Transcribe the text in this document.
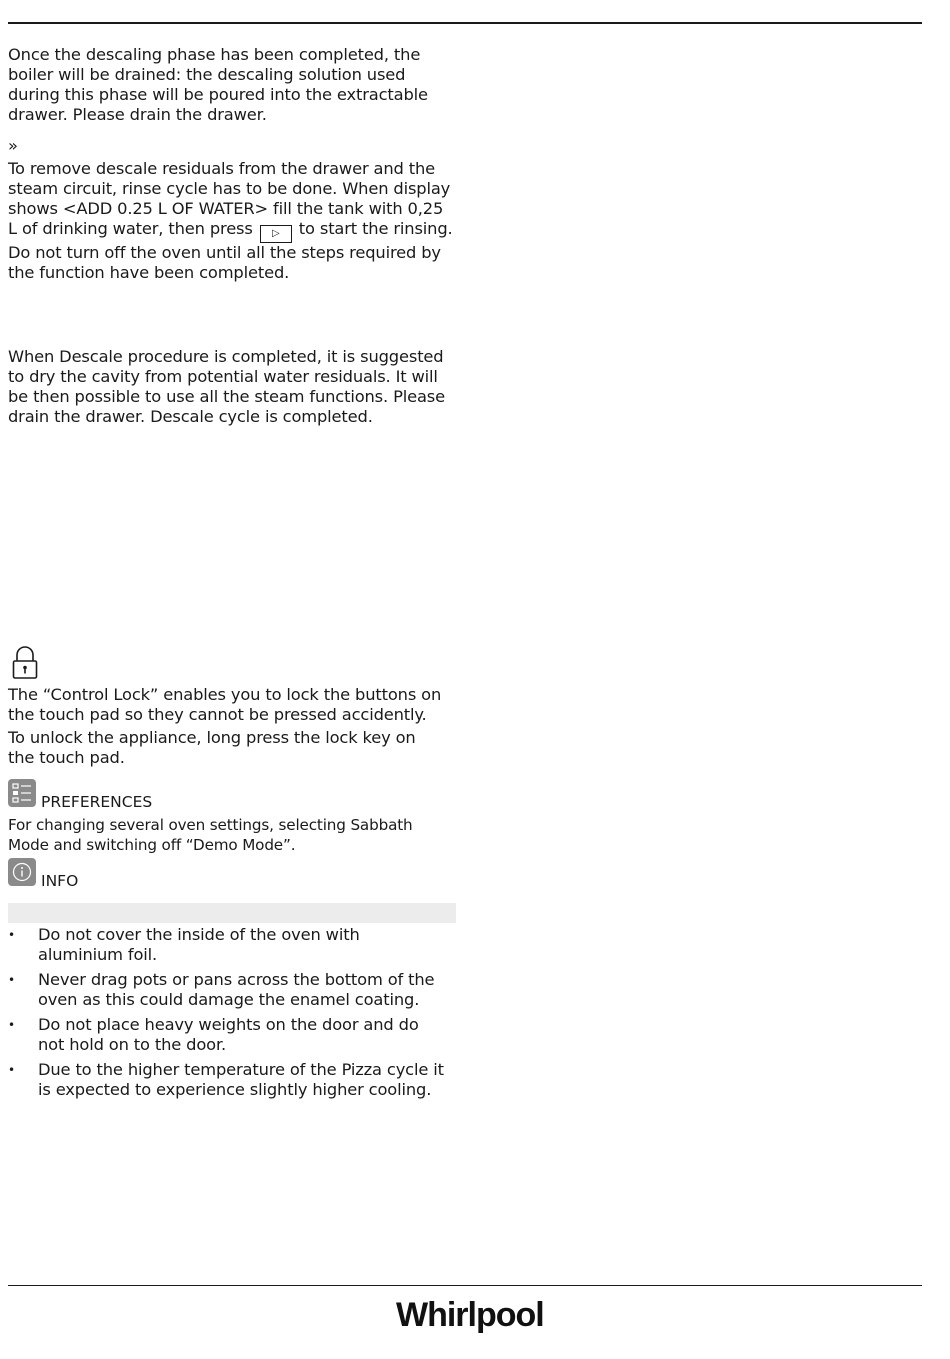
Once the descaling phase has been completed, the
boiler will be drained: the descaling solution used
during this phase will be poured into the extractable
drawer. Please drain the drawer.

»

To remove descale residuals from the drawer and the
steam circuit, rinse cycle has to be done. When display
shows <ADD 0.25 L OF WATER> fill the tank with 0,25
L of drinking water, then press ▷ to start the rinsing.
Do not turn off the oven until all the steps required by
the function have been completed.

When Descale procedure is completed, it is suggested
to dry the cavity from potential water residuals. It will
be then possible to use all the steam functions. Please
drain the drawer. Descale cycle is completed.

The “Control Lock” enables you to lock the buttons on
the touch pad so they cannot be pressed accidently.

To unlock the appliance, long press the lock key on
the touch pad.

PREFERENCES

For changing several oven settings, selecting Sabbath
Mode and switching off “Demo Mode”.

INFO
• Do not cover the inside of the oven with
aluminium foil.
• Never drag pots or pans across the bottom of the
oven as this could damage the enamel coating.
• Do not place heavy weights on the door and do
not hold on to the door.
• Due to the higher temperature of the Pizza cycle it
is expected to experience slightly higher cooling.
Whirlpool
